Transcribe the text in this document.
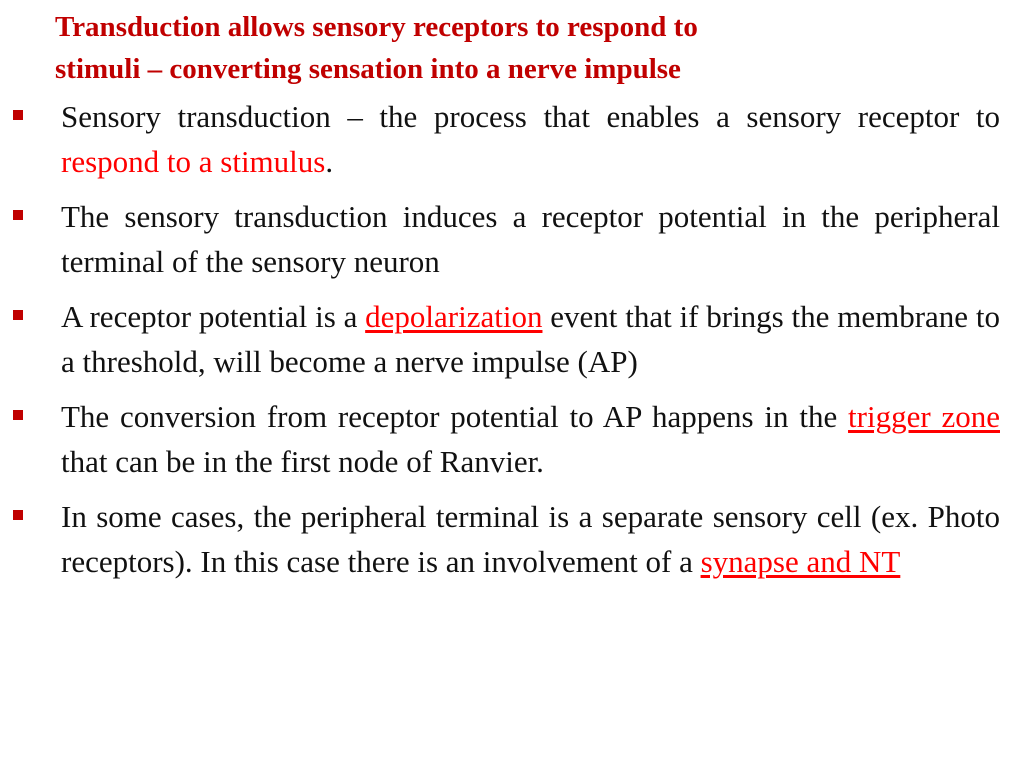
Transduction allows sensory receptors to respond to
stimuli – converting sensation into a nerve impulse
Sensory transduction – the process that enables a sensory receptor to respond to a stimulus.
The sensory transduction induces a receptor potential in the peripheral terminal of the sensory neuron
A receptor potential is a depolarization event that if brings the membrane to a threshold, will become a nerve impulse (AP)
The conversion from receptor potential to AP happens in the trigger zone that can be in the first node of Ranvier.
In some cases, the peripheral terminal is a separate sensory cell (ex. Photo receptors). In this case there is an involvement of a synapse and NT
